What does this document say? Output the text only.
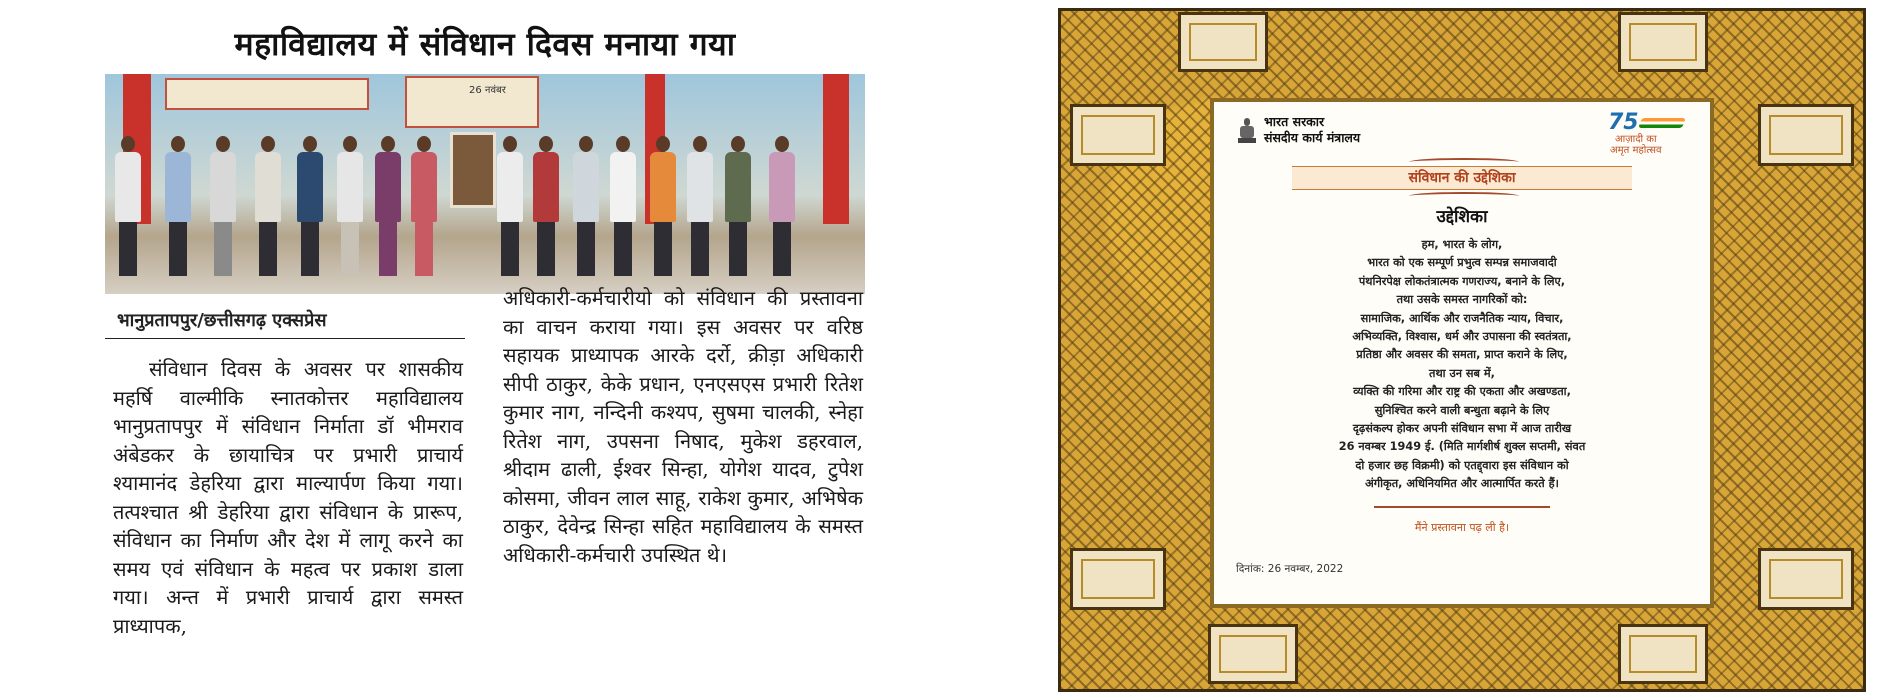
महाविद्यालय में संविधान दिवस मनाया गया
26 नवंबर
भानुप्रतापपुर/छत्तीसगढ़ एक्सप्रेस
संविधान दिवस के अवसर पर शासकीय महर्षि वाल्मीकि स्नातकोत्तर महाविद्यालय भानुप्रतापपुर में संविधान निर्माता डॉ भीमराव अंबेडकर के छायाचित्र पर प्रभारी प्राचार्य श्यामानंद डेहरिया द्वारा माल्यार्पण किया गया। तत्पश्चात श्री डेहरिया द्वारा संविधान के प्रारूप, संविधान का निर्माण और देश में लागू करने का समय एवं संविधान के महत्व पर प्रकाश डाला गया। अन्त में प्रभारी प्राचार्य द्वारा समस्त प्राध्यापक,
अधिकारी-कर्मचारीयो को संविधान की प्रस्तावना का वाचन कराया गया। इस अवसर पर वरिष्ठ सहायक प्राध्यापक आरके दर्रो, क्रीड़ा अधिकारी सीपी ठाकुर, केके प्रधान, एनएसएस प्रभारी रितेश कुमार नाग, नन्दिनी कश्यप, सुषमा चालकी, स्नेहा रितेश नाग, उपसना निषाद, मुकेश डहरवाल, श्रीदाम ढाली, ईश्वर सिन्हा, योगेश यादव, टुपेश कोसमा, जीवन लाल साहू, राकेश कुमार, अभिषेक ठाकुर, देवेन्द्र सिन्हा सहित महाविद्यालय के समस्त अधिकारी-कर्मचारी उपस्थित थे।
भारत सरकार
संसदीय कार्य मंत्रालय
75
आज़ादी का
अमृत महोत्सव
संविधान की उद्देशिका
उद्देशिका
हम, भारत के लोग,
भारत को एक सम्पूर्ण प्रभुत्व सम्पन्न समाजवादी
पंथनिरपेक्ष लोकतंत्रात्मक गणराज्य, बनाने के लिए,
तथा उसके समस्त नागरिकों को:
सामाजिक, आर्थिक और राजनैतिक न्याय, विचार,
अभिव्यक्ति, विश्वास, धर्म और उपासना की स्वतंत्रता,
प्रतिष्ठा और अवसर की समता, प्राप्त कराने के लिए,
तथा उन सब में,
व्यक्ति की गरिमा और राष्ट्र की एकता और अखण्डता,
सुनिश्चित करने वाली बन्धुता बढ़ाने के लिए
दृढ़संकल्प होकर अपनी संविधान सभा में आज तारीख
26 नवम्बर 1949 ई. (मिति मार्गशीर्ष शुक्ल सप्तमी, संवत
दो हजार छह विक्रमी) को एतद्द्वारा इस संविधान को
अंगीकृत, अधिनियमित और आत्मार्पित करते हैं।
मैंने प्रस्तावना पढ़ ली है।
दिनांक: 26 नवम्बर, 2022
